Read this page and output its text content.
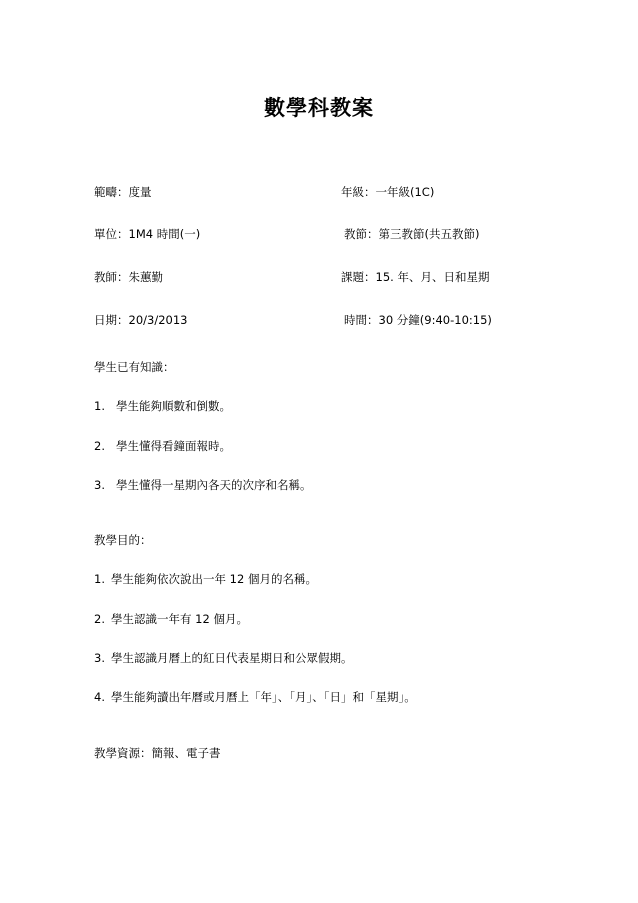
數學科教案
範疇：度量	年級：一年級(1C)
單位：1M4 時間(一)	教節：第三教節(共五教節)
教師：朱蕙勤	課題：15. 年、月、日和星期
日期：20/3/2013	時間：30 分鐘(9:40-10:15)
學生已有知識：
1. 學生能夠順數和倒數。
2. 學生懂得看鐘面報時。
3. 學生懂得一星期內各天的次序和名稱。
教學目的：
1. 學生能夠依次說出一年 12 個月的名稱。
2. 學生認識一年有 12 個月。
3. 學生認識月曆上的紅日代表星期日和公眾假期。
4. 學生能夠讀出年曆或月曆上「年」、「月」、「日」和「星期」。
教學資源：簡報、電子書
